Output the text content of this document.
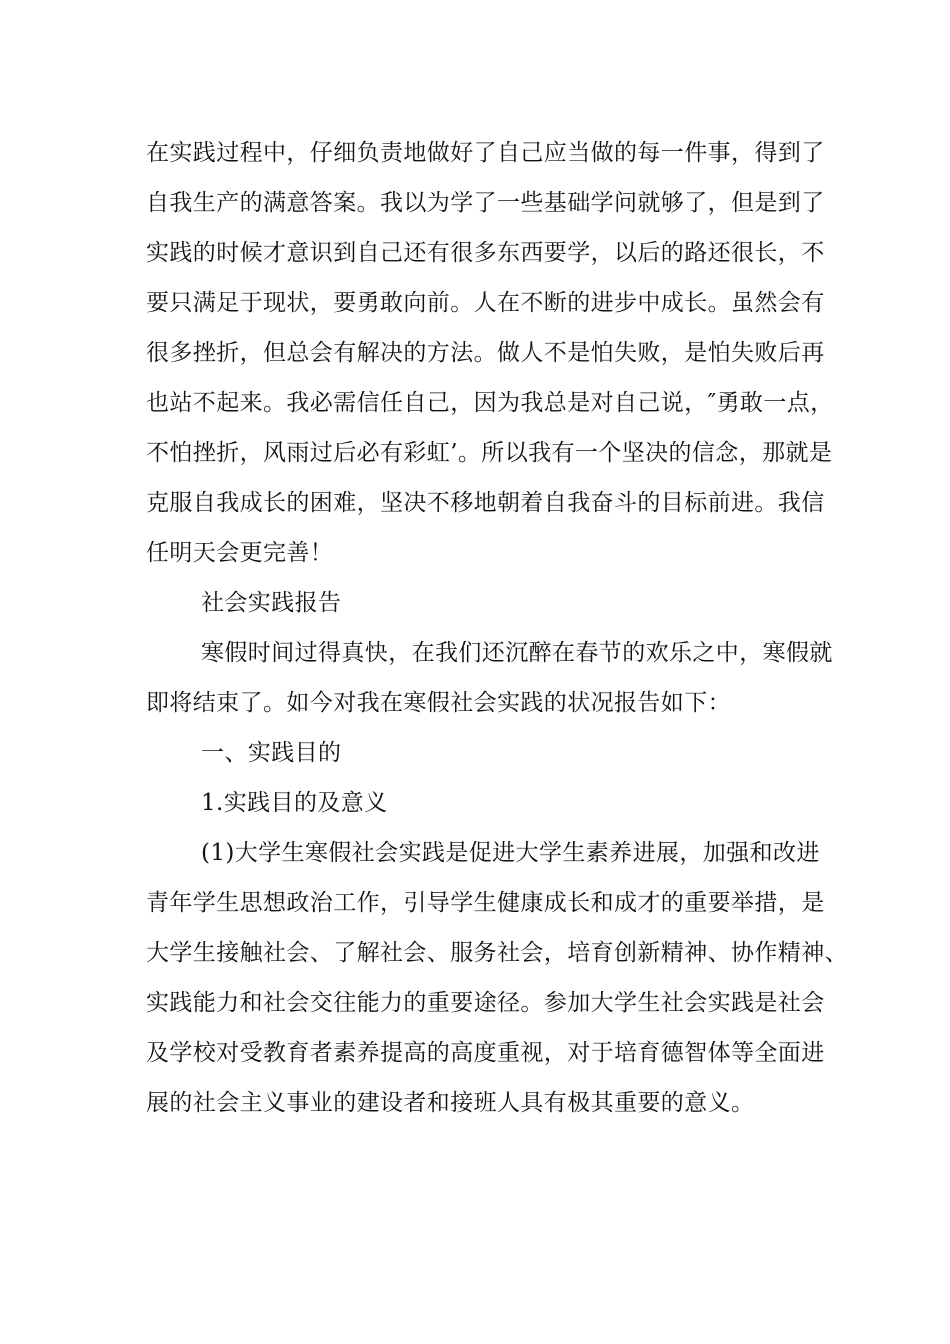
在实践过程中，仔细负责地做好了自己应当做的每一件事，得到了
自我生产的满意答案。我以为学了一些基础学问就够了，但是到了
实践的时候才意识到自己还有很多东西要学，以后的路还很长，不
要只满足于现状，要勇敢向前。人在不断的进步中成长。虽然会有
很多挫折，但总会有解决的方法。做人不是怕失败，是怕失败后再
也站不起来。我必需信任自己，因为我总是对自己说，″勇敢一点，
不怕挫折，风雨过后必有彩虹’。所以我有一个坚决的信念，那就是
克服自我成长的困难，坚决不移地朝着自我奋斗的目标前进。我信
任明天会更完善！
社会实践报告
寒假时间过得真快，在我们还沉醉在春节的欢乐之中，寒假就
即将结束了。如今对我在寒假社会实践的状况报告如下：
一、实践目的
1.实践目的及意义
(1)大学生寒假社会实践是促进大学生素养进展，加强和改进
青年学生思想政治工作，引导学生健康成长和成才的重要举措，是
大学生接触社会、了解社会、服务社会，培育创新精神、协作精神、
实践能力和社会交往能力的重要途径。参加大学生社会实践是社会
及学校对受教育者素养提高的高度重视，对于培育德智体等全面进
展的社会主义事业的建设者和接班人具有极其重要的意义。
